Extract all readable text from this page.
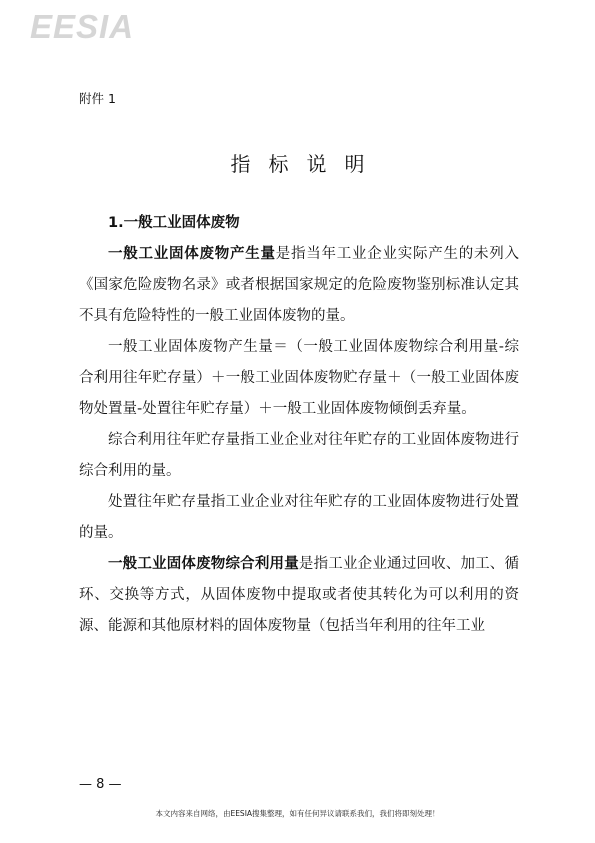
EESIA
附件 1
指标说明

1.一般工业固体废物

一般工业固体废物产生量是指当年工业企业实际产生的未列入《国家危险废物名录》或者根据国家规定的危险废物鉴别标准认定其不具有危险特性的一般工业固体废物的量。

一般工业固体废物产生量＝（一般工业固体废物综合利用量-综合利用往年贮存量）＋一般工业固体废物贮存量＋（一般工业固体废物处置量-处置往年贮存量）＋一般工业固体废物倾倒丢弃量。

综合利用往年贮存量指工业企业对往年贮存的工业固体废物进行综合利用的量。

处置往年贮存量指工业企业对往年贮存的工业固体废物进行处置的量。

一般工业固体废物综合利用量是指工业企业通过回收、加工、循环、交换等方式，从固体废物中提取或者使其转化为可以利用的资源、能源和其他原材料的固体废物量（包括当年利用的往年工业

— 8 —
本文内容来自网络，由EESIA搜集整理，如有任何异议请联系我们，我们将即刻处理！
